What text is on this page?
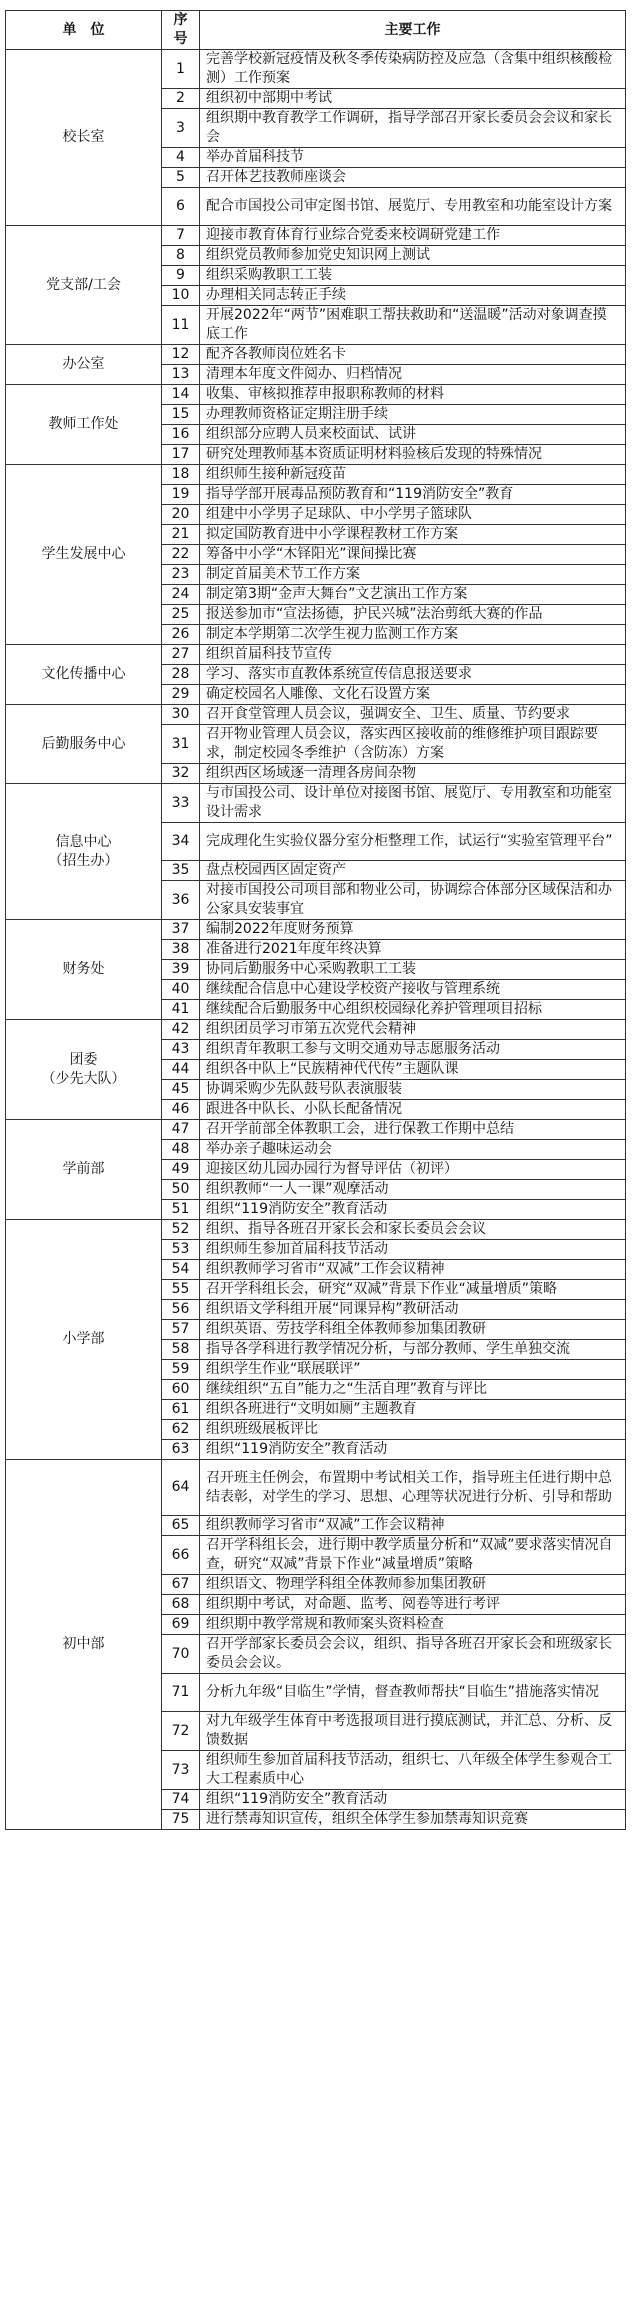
单　位	序号	主要工作
校长室	1	完善学校新冠疫情及秋冬季传染病防控及应急（含集中组织核酸检测）工作预案
	2	组织初中部期中考试
	3	组织期中教育教学工作调研，指导学部召开家长委员会会议和家长会
	4	举办首届科技节
	5	召开体艺技教师座谈会
	6	配合市国投公司审定图书馆、展览厅、专用教室和功能室设计方案
党支部/工会	7	迎接市教育体育行业综合党委来校调研党建工作
	8	组织党员教师参加党史知识网上测试
	9	组织采购教职工工装
	10	办理相关同志转正手续
	11	开展2022年“两节”困难职工帮扶救助和“送温暖”活动对象调查摸底工作
办公室	12	配齐各教师岗位姓名卡
	13	清理本年度文件阅办、归档情况
教师工作处	14	收集、审核拟推荐申报职称教师的材料
	15	办理教师资格证定期注册手续
	16	组织部分应聘人员来校面试、试讲
	17	研究处理教师基本资质证明材料验核后发现的特殊情况
学生发展中心	18	组织师生接种新冠疫苗
	19	指导学部开展毒品预防教育和“119消防安全”教育
	20	组建中小学男子足球队、中小学男子篮球队
	21	拟定国防教育进中小学课程教材工作方案
	22	筹备中小学“木铎阳光”课间操比赛
	23	制定首届美术节工作方案
	24	制定第3期“金声大舞台”文艺演出工作方案
	25	报送参加市“宣法扬德，护民兴城”法治剪纸大赛的作品
	26	制定本学期第二次学生视力监测工作方案
文化传播中心	27	组织首届科技节宣传
	28	学习、落实市直教体系统宣传信息报送要求
	29	确定校园名人雕像、文化石设置方案
后勤服务中心	30	召开食堂管理人员会议，强调安全、卫生、质量、节约要求
	31	召开物业管理人员会议，落实西区接收前的维修维护项目跟踪要求，制定校园冬季维护（含防冻）方案
	32	组织西区场域逐一清理各房间杂物
信息中心
（招生办）	33	与市国投公司、设计单位对接图书馆、展览厅、专用教室和功能室设计需求
	34	完成理化生实验仪器分室分柜整理工作，试运行“实验室管理平台”
	35	盘点校园西区固定资产
	36	对接市国投公司项目部和物业公司，协调综合体部分区域保洁和办公家具安装事宜
财务处	37	编制2022年度财务预算
	38	准备进行2021年度年终决算
	39	协同后勤服务中心采购教职工工装
	40	继续配合信息中心建设学校资产接收与管理系统
	41	继续配合后勤服务中心组织校园绿化养护管理项目招标
团委
（少先大队）	42	组织团员学习市第五次党代会精神
	43	组织青年教职工参与文明交通劝导志愿服务活动
	44	组织各中队上“民族精神代代传”主题队课
	45	协调采购少先队鼓号队表演服装
	46	跟进各中队长、小队长配备情况
学前部	47	召开学前部全体教职工会，进行保教工作期中总结
	48	举办亲子趣味运动会
	49	迎接区幼儿园办园行为督导评估（初评）
	50	组织教师“一人一课”观摩活动
	51	组织“119消防安全”教育活动
小学部	52	组织、指导各班召开家长会和家长委员会会议
	53	组织师生参加首届科技节活动
	54	组织教师学习省市“双减”工作会议精神
	55	召开学科组长会，研究“双减”背景下作业“减量增质”策略
	56	组织语文学科组开展“同课异构”教研活动
	57	组织英语、劳技学科组全体教师参加集团教研
	58	指导各学科进行教学情况分析，与部分教师、学生单独交流
	59	组织学生作业“联展联评”
	60	继续组织“五自”能力之“生活自理”教育与评比
	61	组织各班进行“文明如厕”主题教育
	62	组织班级展板评比
	63	组织“119消防安全”教育活动
初中部	64	召开班主任例会，布置期中考试相关工作，指导班主任进行期中总结表彰，对学生的学习、思想、心理等状况进行分析、引导和帮助
	65	组织教师学习省市“双减”工作会议精神
	66	召开学科组长会，进行期中教学质量分析和“双减”要求落实情况自查，研究“双减”背景下作业“减量增质”策略
	67	组织语文、物理学科组全体教师参加集团教研
	68	组织期中考试，对命题、监考、阅卷等进行考评
	69	组织期中教学常规和教师案头资料检查
	70	召开学部家长委员会会议，组织、指导各班召开家长会和班级家长委员会会议。
	71	分析九年级“目临生”学情，督查教师帮扶“目临生”措施落实情况
	72	对九年级学生体育中考选报项目进行摸底测试，并汇总、分析、反馈数据
	73	组织师生参加首届科技节活动，组织七、八年级全体学生参观合工大工程素质中心
	74	组织“119消防安全”教育活动
	75	进行禁毒知识宣传，组织全体学生参加禁毒知识竞赛
